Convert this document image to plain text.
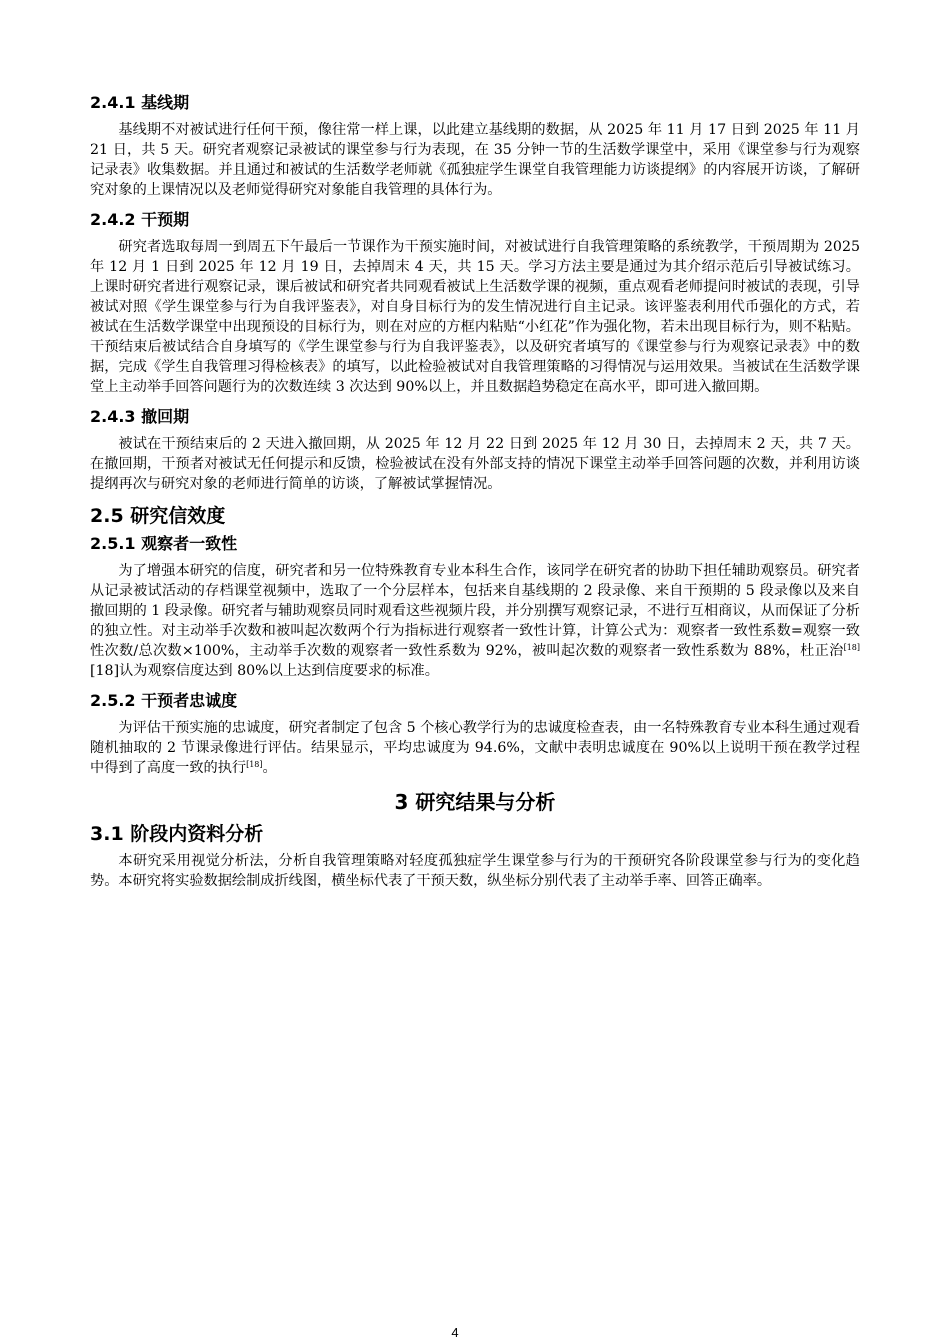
2.4.1 基线期

基线期不对被试进行任何干预，像往常一样上课，以此建立基线期的数据，从 2025 年 11 月 17 日到 2025 年 11 月 21 日，共 5 天。研究者观察记录被试的课堂参与行为表现，在 35 分钟一节的生活数学课堂中，采用《课堂参与行为观察记录表》收集数据。并且通过和被试的生活数学老师就《孤独症学生课堂自我管理能力访谈提纲》的内容展开访谈，了解研究对象的上课情况以及老师觉得研究对象能自我管理的具体行为。

2.4.2 干预期

研究者选取每周一到周五下午最后一节课作为干预实施时间，对被试进行自我管理策略的系统教学，干预周期为 2025 年 12 月 1 日到 2025 年 12 月 19 日，去掉周末 4 天，共 15 天。学习方法主要是通过为其介绍示范后引导被试练习。上课时研究者进行观察记录，课后被试和研究者共同观看被试上生活数学课的视频，重点观看老师提问时被试的表现，引导被试对照《学生课堂参与行为自我评鉴表》，对自身目标行为的发生情况进行自主记录。该评鉴表利用代币强化的方式，若被试在生活数学课堂中出现预设的目标行为，则在对应的方框内粘贴“小红花”作为强化物，若未出现目标行为，则不粘贴。干预结束后被试结合自身填写的《学生课堂参与行为自我评鉴表》，以及研究者填写的《课堂参与行为观察记录表》中的数据，完成《学生自我管理习得检核表》的填写，以此检验被试对自我管理策略的习得情况与运用效果。当被试在生活数学课堂上主动举手回答问题行为的次数连续 3 次达到 90%以上，并且数据趋势稳定在高水平，即可进入撤回期。

2.4.3 撤回期

被试在干预结束后的 2 天进入撤回期，从 2025 年 12 月 22 日到 2025 年 12 月 30 日，去掉周末 2 天，共 7 天。在撤回期，干预者对被试无任何提示和反馈，检验被试在没有外部支持的情况下课堂主动举手回答问题的次数，并利用访谈提纲再次与研究对象的老师进行简单的访谈，了解被试掌握情况。

2.5 研究信效度
2.5.1 观察者一致性

为了增强本研究的信度，研究者和另一位特殊教育专业本科生合作，该同学在研究者的协助下担任辅助观察员。研究者从记录被试活动的存档课堂视频中，选取了一个分层样本，包括来自基线期的 2 段录像、来自干预期的 5 段录像以及来自撤回期的 1 段录像。研究者与辅助观察员同时观看这些视频片段，并分别撰写观察记录，不进行互相商议，从而保证了分析的独立性。对主动举手次数和被叫起次数两个行为指标进行观察者一致性计算，计算公式为：观察者一致性系数=观察一致性次数/总次数×100%，主动举手次数的观察者一致性系数为 92%，被叫起次数的观察者一致性系数为 88%，杜正治[18][18]认为观察信度达到 80%以上达到信度要求的标准。

2.5.2 干预者忠诚度

为评估干预实施的忠诚度，研究者制定了包含 5 个核心教学行为的忠诚度检查表，由一名特殊教育专业本科生通过观看随机抽取的 2 节课录像进行评估。结果显示，平均忠诚度为 94.6%，文献中表明忠诚度在 90%以上说明干预在教学过程中得到了高度一致的执行[18]。

3 研究结果与分析
3.1 阶段内资料分析

本研究采用视觉分析法，分析自我管理策略对轻度孤独症学生课堂参与行为的干预研究各阶段课堂参与行为的变化趋势。本研究将实验数据绘制成折线图，横坐标代表了干预天数，纵坐标分别代表了主动举手率、回答正确率。

4
